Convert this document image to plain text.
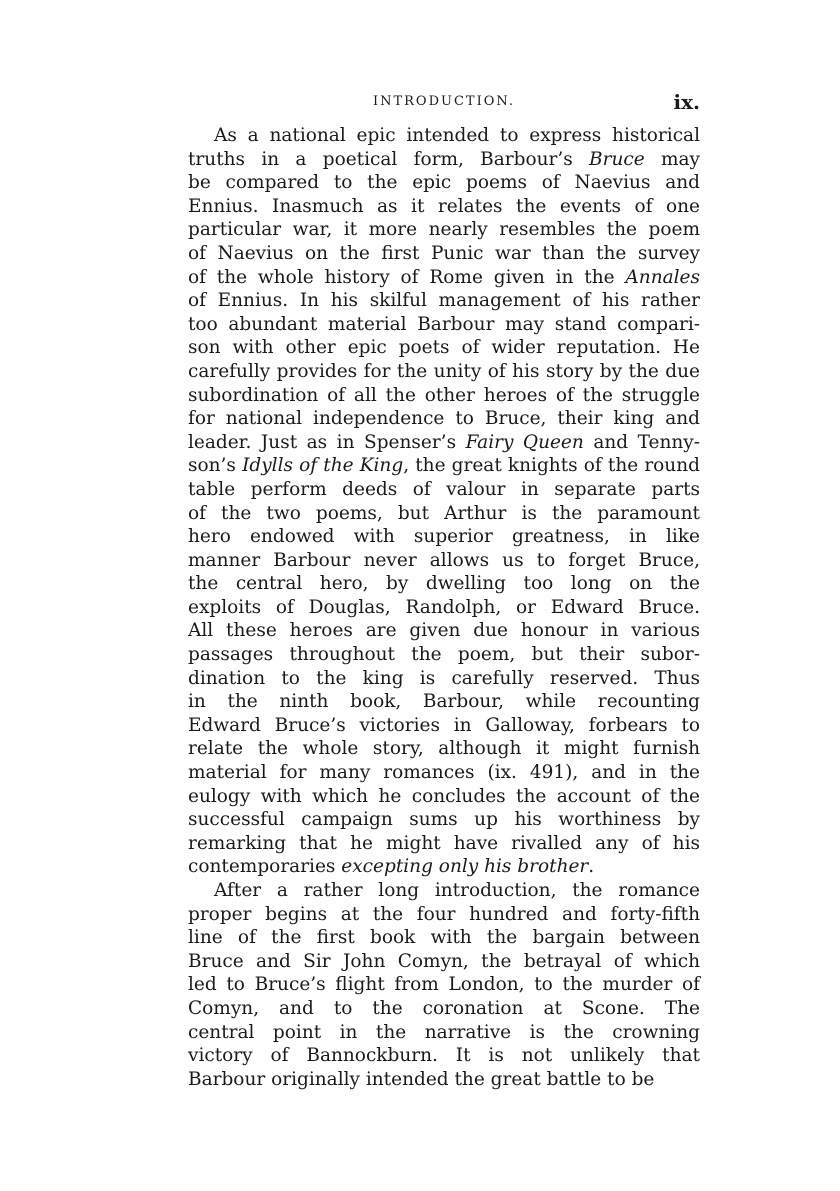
INTRODUCTION.	ix.
As a national epic intended to express historical
truths in a poetical form, Barbour’s Bruce may
be compared to the epic poems of Naevius and
Ennius. Inasmuch as it relates the events of one
particular war, it more nearly resembles the poem
of Naevius on the first Punic war than the survey
of the whole history of Rome given in the Annales
of Ennius. In his skilful management of his rather
too abundant material Barbour may stand compari-
son with other epic poets of wider reputation. He
carefully provides for the unity of his story by the due
subordination of all the other heroes of the struggle
for national independence to Bruce, their king and
leader. Just as in Spenser’s Fairy Queen and Tenny-
son’s Idylls of the King, the great knights of the round
table perform deeds of valour in separate parts
of the two poems, but Arthur is the paramount
hero endowed with superior greatness, in like
manner Barbour never allows us to forget Bruce,
the central hero, by dwelling too long on the
exploits of Douglas, Randolph, or Edward Bruce.
All these heroes are given due honour in various
passages throughout the poem, but their subor-
dination to the king is carefully reserved. Thus
in the ninth book, Barbour, while recounting
Edward Bruce’s victories in Galloway, forbears to
relate the whole story, although it might furnish
material for many romances (ix. 491), and in the
eulogy with which he concludes the account of the
successful campaign sums up his worthiness by
remarking that he might have rivalled any of his
contemporaries excepting only his brother.
After a rather long introduction, the romance
proper begins at the four hundred and forty-fifth
line of the first book with the bargain between
Bruce and Sir John Comyn, the betrayal of which
led to Bruce’s flight from London, to the murder of
Comyn, and to the coronation at Scone. The
central point in the narrative is the crowning
victory of Bannockburn. It is not unlikely that
Barbour originally intended the great battle to be
